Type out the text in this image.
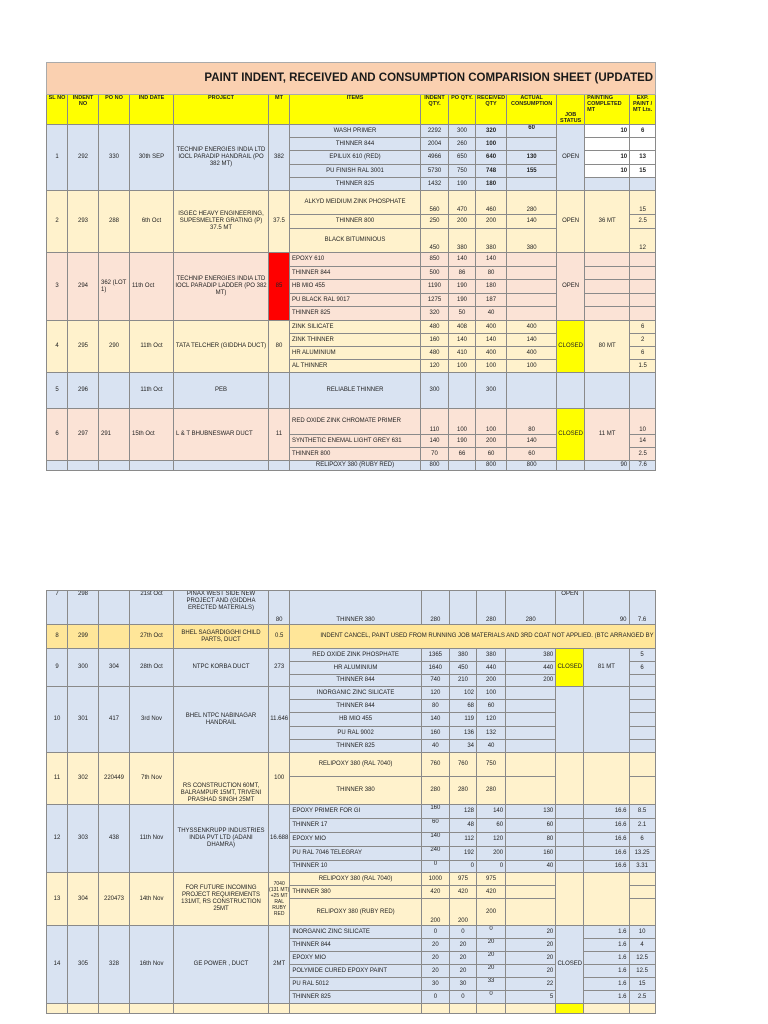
PAINT INDENT, RECEIVED AND CONSUMPTION COMPARISION SHEET (UPDATED													
SL NO	INDENT NO	PO NO	IND DATE	PROJECT	MT	ITEMS	INDENT QTY.	PO QTY.	RECEIVED QTY	ACTUAL CONSUMPTION	JOB STATUS	PAINTING COMPLETED MT	EXP. PAINT / MT Lts.
1	292	330	30th SEP	TECHNIP ENERGIES INDIA LTD IOCL PARADIP HANDRAIL (PO 382 MT)	382	WASH PRIMER	2292	300	320	60	OPEN	10	6
						THINNER 844	2004	260	100				
						EPILUX 610 (RED)	4966	650	640	130		10	13
						PU FINISH RAL 3001	5730	750	748	155		10	15
						THINNER 825	1432	190	180				
2	293	288	6th Oct	ISGEC HEAVY ENGINEERING, SUPESMELTER GRATING (P) 37.5 MT	37.5	ALKYD MEIDIUM ZINK PHOSPHATE	560	470	460	280	OPEN	36 MT	15
						THINNER 800	250	200	200	140			2.5
						BLACK BITUMINIOUS	450	380	380	380			12
3	294	362 (LOT 1)	11th Oct	TECHNIP ENERGIES INDIA LTD IOCL PARADIP LADDER (PO 382 MT)	85	EPOXY 610	850	140	140		OPEN		
						THINNER 844	500	86	80				
						HB MIO 455	1190	190	180				
						PU BLACK RAL 9017	1275	190	187				
						THINNER 825	320	50	40				
4	295	290	11th Oct	TATA TELCHER (GIDDHA DUCT)	80	ZINK SILICATE	480	408	400	400	CLOSED	80 MT	6
						ZINK THINNER	160	140	140	140			2
						HR ALUMINIUM	480	410	400	400			6
						AL THINNER	120	100	100	100			1.5
5	296		11th Oct	PEB		RELIABLE THINNER	300		300				
6	297	291	15th Oct	L & T BHUBNESWAR DUCT	11	RED OXIDE ZINK CHROMATE PRIMER	110	100	100	80	CLOSED	11 MT	10
						SYNTHETIC ENEMAL LIGHT GREY 631	140	190	200	140			14
						THINNER 800	70	66	60	60			2.5
						RELIPOXY 380 (RUBY RED)	800		800	800		90	7.6
7	298		21st Oct	PINAX WEST SIDE NEW PROJECT AND (GIDDHA ERECTED MATERIALS)	80	THINNER 380	280		280	280	OPEN	90	7.6
8	299		27th Oct	BHEL SAGARDIGGHI CHILD PARTS, DUCT	0.5	INDENT CANCEL, PAINT USED FROM RUNNING JOB MATERIALS AND 3RD COAT NOT APPLIED. (BTC ARRANGED BY							
9	300	304	28th Oct	NTPC KORBA DUCT	273	RED OXIDE ZINK PHOSPHATE	1365	380	380	380	CLOSED	81 MT	5
						HR ALUMINIUM	1640	450	440	440			6
						THINNER 844	740	210	200	200			
10	301	417	3rd Nov	BHEL NTPC NABINAGAR HANDRAIL	11.646	INORGANIC ZINC SILICATE	120	102	100				
						THINNER 844	80	68	60				
						HB MIO 455	140	119	120				
						PU RAL 9002	160	136	132				
						THINNER 825	40	34	40				
11	302	220449	7th Nov	RS CONSTRUCTION 60MT, BALRAMPUR 15MT, TRIVENI PRASHAD SINGH 25MT	100	RELIPOXY 380 (RAL 7040)	760	760	750				
						THINNER 380	280	280	280				
12	303	438	11th Nov	THYSSENKRUPP INDUSTRIES INDIA PVT LTD (ADANI DHAMRA)	16.688	EPOXY PRIMER FOR GI	160	128	140	130		16.6	8.5
						THINNER 17	60	48	60	60		16.6	2.1
						EPOXY MIO	140	112	120	80		16.6	6
						PU RAL 7046 TELEGRAY	240	192	200	160		16.6	13.25
						THINNER 10	0	0	0	40		16.6	3.31
13	304	220473	14th Nov	FOR FUTURE INCOMING PROJECT REQUIREMENTS 131MT, RS CONSTRUCTION 25MT	7040 (131 MT) +25 MT RAL RUBY RED	RELIPOXY 380 (RAL 7040)	1000	975	975				
						THINNER 380	420	420	420				
						RELIPOXY 380 (RUBY RED)	200	200	200				
14	305	328	16th Nov	GE POWER , DUCT	2MT	INORGANIC ZINC SILICATE	0	0	0	20	CLOSED	1.6	10
						THINNER 844	20	20	20	20		1.6	4
						EPOXY MIO	20	20	20	20		1.6	12.5
						POLYMIDE CURED EPOXY PAINT	20	20	20	20		1.6	12.5
						PU RAL 5012	30	30	33	22		1.6	15
						THINNER 825	0	0	0	5		1.6	2.5
